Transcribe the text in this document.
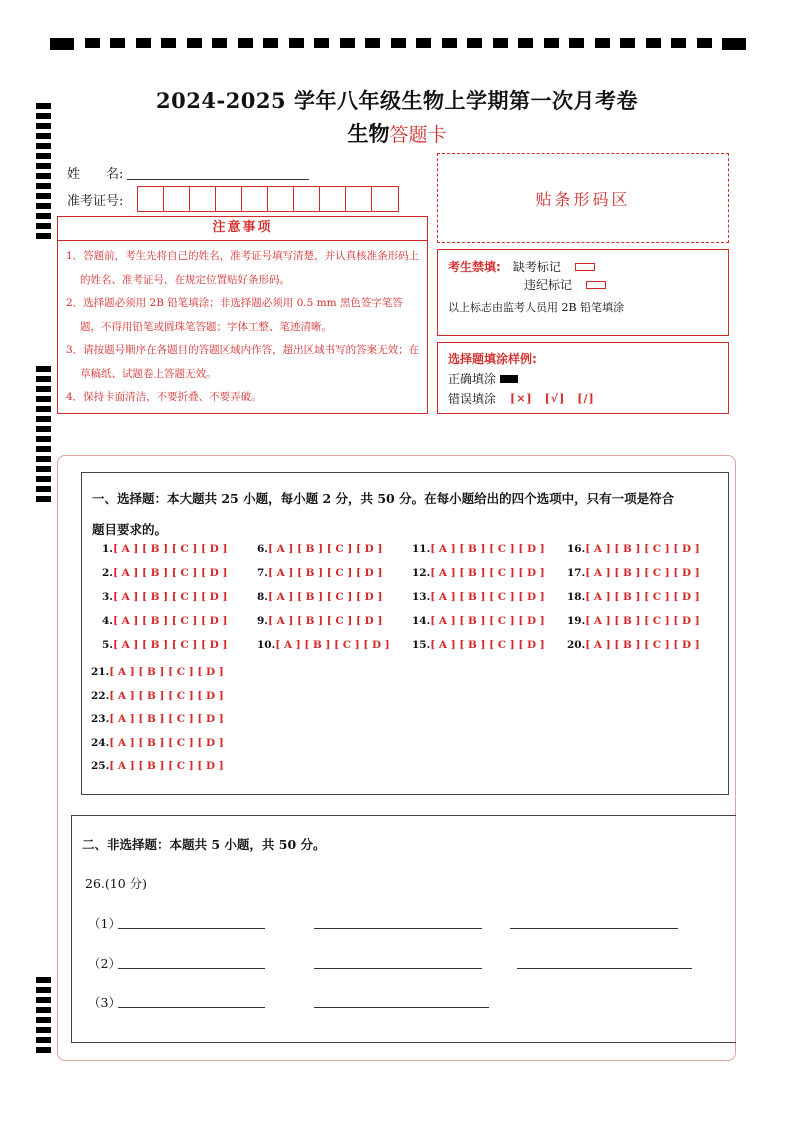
2024-2025 学年八年级生物上学期第一次月考卷
生物答题卡
姓　　名:
准考证号:
注意事项
1．答题前，考生先将自己的姓名，准考证号填写清楚，并认真核准条形码上的姓名、准考证号，在规定位置贴好条形码。
2．选择题必须用 2B 铅笔填涂；非选择题必须用 0.5 mm 黑色签字笔答题，不得用铅笔或圆珠笔答题；字体工整、笔迹清晰。
3．请按题号顺序在各题目的答题区域内作答，超出区域书写的答案无效；在草稿纸、试题卷上答题无效。
4．保持卡面清洁，不要折叠、不要弄破。
贴条形码区
考生禁填: 缺考标记
违纪标记
以上标志由监考人员用 2B 铅笔填涂
选择题填涂样例:
正确填涂
错误填涂 [×]　[√]　[/]
一、选择题：本大题共 25 小题，每小题 2 分，共 50 分。在每小题给出的四个选项中，只有一项是符合
题目要求的。
1.[ A ] [ B ] [ C ] [ D ]
2.[ A ] [ B ] [ C ] [ D ]
3.[ A ] [ B ] [ C ] [ D ]
4.[ A ] [ B ] [ C ] [ D ]
5.[ A ] [ B ] [ C ] [ D ]
6.[ A ] [ B ] [ C ] [ D ]
7.[ A ] [ B ] [ C ] [ D ]
8.[ A ] [ B ] [ C ] [ D ]
9.[ A ] [ B ] [ C ] [ D ]
10.[ A ] [ B ] [ C ] [ D ]
11.[ A ] [ B ] [ C ] [ D ]
12.[ A ] [ B ] [ C ] [ D ]
13.[ A ] [ B ] [ C ] [ D ]
14.[ A ] [ B ] [ C ] [ D ]
15.[ A ] [ B ] [ C ] [ D ]
16.[ A ] [ B ] [ C ] [ D ]
17.[ A ] [ B ] [ C ] [ D ]
18.[ A ] [ B ] [ C ] [ D ]
19.[ A ] [ B ] [ C ] [ D ]
20.[ A ] [ B ] [ C ] [ D ]
21.[ A ] [ B ] [ C ] [ D ]
22.[ A ] [ B ] [ C ] [ D ]
23.[ A ] [ B ] [ C ] [ D ]
24.[ A ] [ B ] [ C ] [ D ]
25.[ A ] [ B ] [ C ] [ D ]
二、非选择题：本题共 5 小题，共 50 分。
26.(10 分)
（1）
（2）
（3）
